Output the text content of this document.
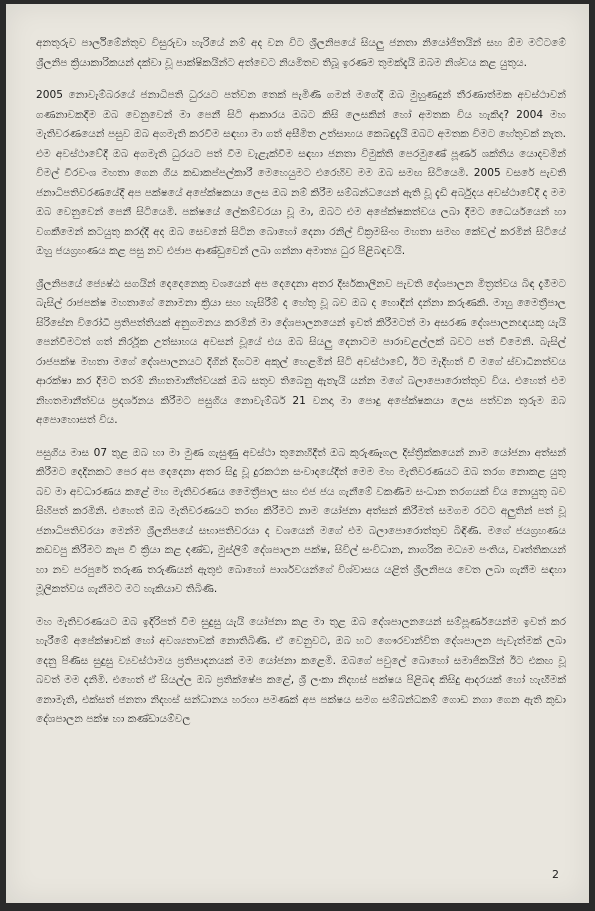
අනතුරුව පාර්ලිමේන්තුව විසුරුවා හැරියේ නම් අද වන විට ශ්‍රීලනිපයේ සියලු ජනතා නියෝජිතයින් සහ ඕම මට්ටමේ ශ්‍රීලනිප ක්‍රියාකාරිකයන් දක්වා වූ පාක්ෂිකයින්ට අත්වෙට නියමිතව තිබූ ඉරණම තුමක්දැයි ඔබම නිශ්චය කළ යුතුය.

2005 නොවැම්බරයේ ජනාධිපති ධුරයට පත්වන තෙක් පැමිණි ගමන් මගේදී ඔබ මුහුණදුන් තීරණාත්මක අවස්ථාවන් ගණනාවකදීම ඔබ වෙනුවෙන් මා පෙනී සිටි ආකාරය ඔබට කිසි ලෙසකින් හෝ අමතක විය හැකිද? 2004 මහ මැතිවරණයෙන් පසුව ඔබ අගමැති කරවීම සඳහා මා ගත් අසීමිත උත්සාහය කෙබඳුදැයි ඔබට අමතක විමට හේතුවක් නැත. එම අවස්ථාවේදී ඔබ අගමැති ධුරයට පත් වීම වැළැක්වීම සඳහා ජනතා විමුක්ති පෙරමුණේ පූර්ණ ශක්තිය යොදවමින් විමල් වීරවංශ මහතා ගෙන ගිය කඩාකප්පල්කාරී මෙහෙයුමට එරෙහිව මම ඔබ සමඟ සිටියෙමි. 2005 වසරේ පැවති ජනාධිපතිවරණයේදී අප පක්ෂයේ අපේක්ෂකයා ලෙස ඔබ නම් කිරීම සම්බන්ධයෙන් ඇති වූ දැඩි අර්බුදය අවස්ථාවේදී ද මම ඔබ වෙනුවෙන් පෙනී සිටියෙමි. පක්ෂයේ ලේකම්වරයා වූ මා, ඔබට එම අපේක්ෂකත්වය ලබා දීමට ධෛර්යයෙන් හා වගකීමෙන් කටයුතු කරද්දී අද ඔබ සෙවනේ සිටින බොහෝ දෙනා රනිල් වික්‍රමසිංහ මහතා සමඟ කේවල් කරමින් සිටියේ ඔහු ජයග්‍රහණය කළ පසු නව එජාප ආණ්ඩුවෙන් ලබා ගන්නා අමාත්‍ය ධුර පිළිබඳවයි.

ශ්‍රීලනිපයේ ජ්‍යෙෂ්ඨ සගයින් දෙදෙනෙකු වශයෙන් අප දෙදෙනා අතර දීර්ඝකාලීනව පැවති දේශපාලන මිත්‍රත්වය බිඳ දැමීමට බැසිල් රාජපක්ෂ මහතාගේ නොමනා ක්‍රියා සහ හැසිරීම් ද හේතු වූ බව ඔබ ද හොඳින් දන්නා කරුණකි. මාහු මෛත්‍රීපාල සිරිසේන විරෝධී ප්‍රතිපත්තියක් අනුගමනය කරමින් මා දේශපාලනයෙන් ඉවත් කිරීමටත් මා අසරණ දේශපාලනඥයකු යැයි පෙන්වීමටත් ගත් නිර්රූක උත්සාහය අවසන් වූයේ එය ඔබ සියලු දෙනාටම පාරාවළල්ලක් බවට පත් වීමෙනි. බැසිල් රාජපක්ෂ මහතා මගේ දේශපාලනයට දිගින් දිගටම අකුල් හෙළමින් සිටි අවස්ථාවේ, ඊට මැදිහත් වී මගේ ස්වාධීනත්වය ආරක්ෂා කර දීමට තරම් නිහතමානීත්වයක් ඔබ සතුව තිබෙනු ඇතැයි යන්න මගේ බලාපොරොත්තුව විය. එහෙත් එම නිහතමානීත්වය ප්‍රදර්ශනය කිරීමට පසුගිය නොවැම්බර් 21 වනදා මා පොදු අපේක්ෂකයා ලෙස පත්වන තුරුම ඔබ අපොහොසත් විය.

පසුගිය මාස 07 තුළ ඔබ හා මා මුණ ගැසුණු අවස්ථා තුනෙහිදීත් ඔබ කුරුණෑගල දිස්ත්‍රික්කයෙන් නාම යෝජනා අත්සන් කිරීමට දෙදිනකට පෙර අප දෙදෙනා අතර සිදු වූ දුරකථන සංවාදයේදීත් මෙම මහ මැතිවරණයට ඔබ තරග නොකළ යුතු බව මා අවධාරණය කළේ මහ මැතිවරණය මෛත්‍රීපාල සහ එජ ජය ගැනීමේ වකණිම සංධාන තරගයක් විය නොයුතු බව සිහිපත් කරමිනි. එහෙත් ඔබ මැතිවරණයට තරඟ කිරීමට නාම යෝජනා අත්සන් කිරීමත් සමගම රටට අලුතින් පත් වූ ජනාධිපතිවරයා මෙන්ම ශ්‍රීලනිපයේ සභාපතිවරයා ද වශයෙන් මගේ එම බලාපොරොත්තුව බිඳිණි. මගේ ජයග්‍රහණය කඩවපු කිරීමට කැප වී ක්‍රියා කළ දණ්ඩ, මුස්ලිම් දේශපාලන පක්ෂ, සිවිල් සංවිධාන, නාගරික මධ්‍යම පංතිය, වෘත්තිකයන් හා නව පරපුරේ තරුණ තරුණියන් ඇතුළු බොහෝ පාර්ශවයන්ගේ විශ්වාසය යළිත් ශ්‍රීලනිපය වෙත ලබා ගැනීම සඳහා මූලිකත්වය ගැනීමට මට හැකියාව තිබිණි.

මහ මැතිවරණයට ඔබ ඉදිරිපත් වීම සුදුසු යැයි යෝජනා කළ මා තුළ ඔබ දේශපාලනයෙන් සම්පූර්ණයෙන්ම ඉවත් කර හැරීමේ අපේක්ෂාවක් හෝ අවශ්‍යතාවක් නොතිබිණි. ඒ වෙනුවට, ඔබ හට ගෞරවාන්විත දේශපාලන පැවැත්මක් ලබා දෙනු පිණිස සුදුසු ව්‍යවස්ථාමය ප්‍රතිපාදනයක් මම යෝජනා කළෙමි. ඔබගේ පවුලේ බොහෝ සමාජිකයින් ඊට එකඟ වූ බවත් මම දනිමි. එහෙත් ඒ සියල්ල ඔබ ප්‍රතික්ෂේප කළේ, ශ්‍රී ලංකා නිදහස් පක්ෂය පිළිබඳ කිසිදු ආදරයක් හෝ හැඟීමක් නොමැති, එක්සත් ජනතා නිදහස් සන්ධානය හරහා පමණක් අප පක්ෂය සමග සම්බන්ධකම් ගොඩ නගා ගෙන ඇති කුඩා දේශපාලන පක්ෂ හා කණ්ඩායම්වල

2
